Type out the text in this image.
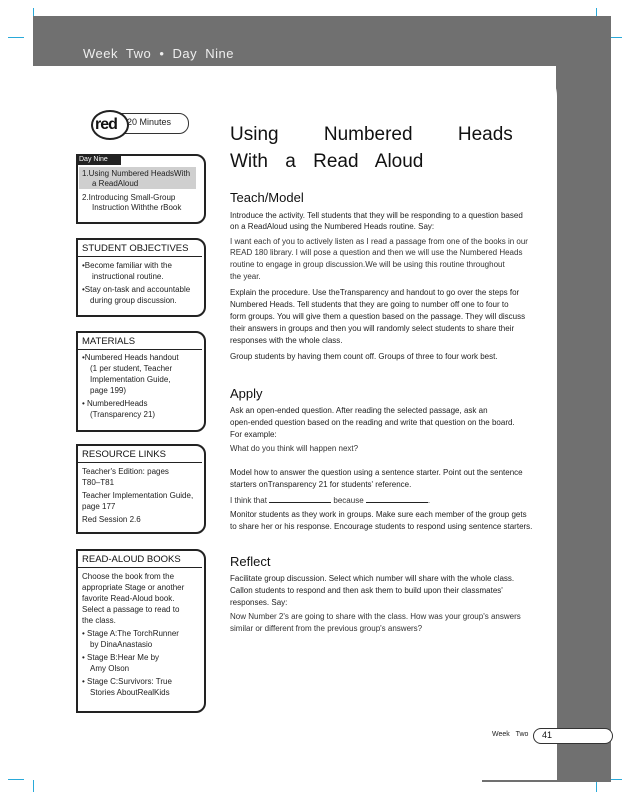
Week Two • Day Nine
red 20 Minutes
Day Nine
1.Using Numbered HeadsWith
a ReadAloud
2.Introducing Small-Group
Instruction Withthe rBook
STUDENT OBJECTIVES
•Become familiar with the
instructional routine.
•Stay on-task and accountable
during group discussion.
MATERIALS
•Numbered Heads handout
(1 per student, Teacher
Implementation Guide,
page 199)
• NumberedHeads
(Transparency 21)
RESOURCE LINKS
Teacher's Edition: pages
T80–T81
Teacher Implementation Guide,
page 177
Red Session 2.6
READ-ALOUD BOOKS
Choose the book from the
appropriate Stage or another
favorite Read-Aloud book.
Select a passage to read to
the class.
• Stage A:The TorchRunner
by DinaAnastasio
• Stage B:Hear Me by
Amy Olson
• Stage C:Survivors: True
Stories AboutRealKids
Using Numbered Heads
With a Read Aloud
Teach/Model
Introduce the activity. Tell students that they will be responding to a question based
on a ReadAloud using the Numbered Heads routine. Say:
I want each of you to actively listen as I read a passage from one of the books in our
READ 180 library. I will pose a question and then we will use the Numbered Heads
routine to engage in group discussion.We will be using this routine throughout
the year.
Explain the procedure. Use theTransparency and handout to go over the steps for
Numbered Heads. Tell students that they are going to number off one to four to
form groups. You will give them a question based on the passage. They will discuss
their answers in groups and then you will randomly select students to share their
responses with the whole class.
Group students by having them count off. Groups of three to four work best.
Apply
Ask an open-ended question. After reading the selected passage, ask an
open-ended question based on the reading and write that question on the board.
For example:
What do you think will happen next?
Model how to answer the question using a sentence starter. Point out the sentence
starters onTransparency 21 for students' reference.
I think that	because	.
Monitor students as they work in groups. Make sure each member of the group gets
to share her or his response. Encourage students to respond using sentence starters.
Reflect
Facilitate group discussion. Select which number will share with the whole class.
Callon students to respond and then ask them to build upon their classmates'
responses. Say:
Now Number 2's are going to share with the class. How was your group's answers
similar or different from the previous group's answers?
Week Two 41
